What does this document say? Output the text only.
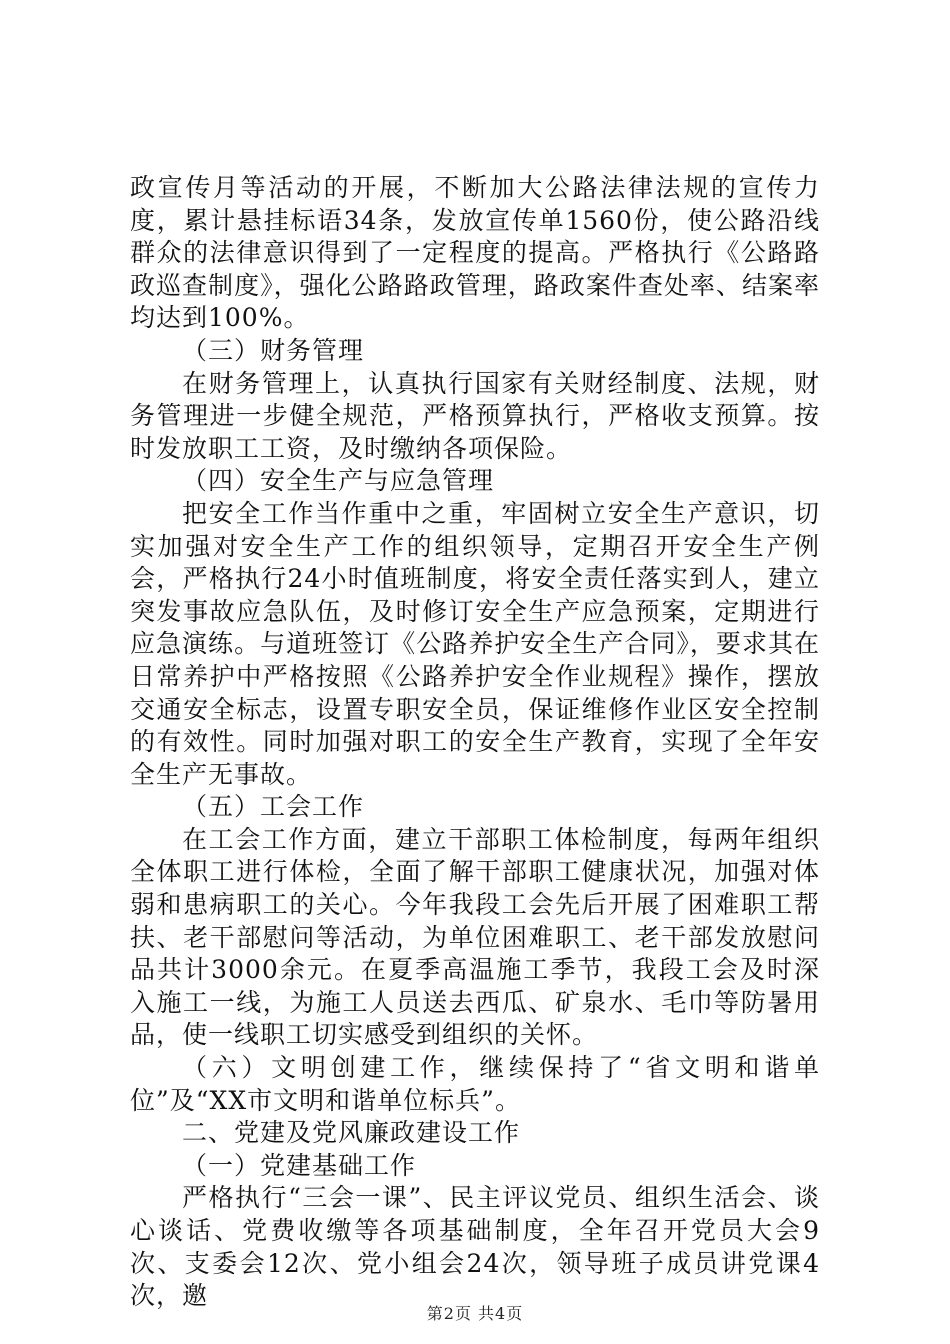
政宣传月等活动的开展，不断加大公路法律法规的宣传力度，累计悬挂标语34条，发放宣传单1560份，使公路沿线群众的法律意识得到了一定程度的提高。严格执行《公路路政巡查制度》，强化公路路政管理，路政案件查处率、结案率均达到100%。

（三）财务管理

在财务管理上，认真执行国家有关财经制度、法规，财务管理进一步健全规范，严格预算执行，严格收支预算。按时发放职工工资，及时缴纳各项保险。

（四）安全生产与应急管理

把安全工作当作重中之重，牢固树立安全生产意识，切实加强对安全生产工作的组织领导，定期召开安全生产例会，严格执行24小时值班制度，将安全责任落实到人，建立突发事故应急队伍，及时修订安全生产应急预案，定期进行应急演练。与道班签订《公路养护安全生产合同》，要求其在日常养护中严格按照《公路养护安全作业规程》操作，摆放交通安全标志，设置专职安全员，保证维修作业区安全控制的有效性。同时加强对职工的安全生产教育，实现了全年安全生产无事故。

（五）工会工作

在工会工作方面，建立干部职工体检制度，每两年组织全体职工进行体检，全面了解干部职工健康状况，加强对体弱和患病职工的关心。今年我段工会先后开展了困难职工帮扶、老干部慰问等活动，为单位困难职工、老干部发放慰问品共计3000余元。在夏季高温施工季节，我段工会及时深入施工一线，为施工人员送去西瓜、矿泉水、毛巾等防暑用品，使一线职工切实感受到组织的关怀。

（六）文明创建工作，继续保持了“省文明和谐单位”及“XX市文明和谐单位标兵”。

二、党建及党风廉政建设工作

（一）党建基础工作

严格执行“三会一课”、民主评议党员、组织生活会、谈心谈话、党费收缴等各项基础制度，全年召开党员大会9次、支委会12次、党小组会24次，领导班子成员讲党课4次，邀

第2页 共4页
